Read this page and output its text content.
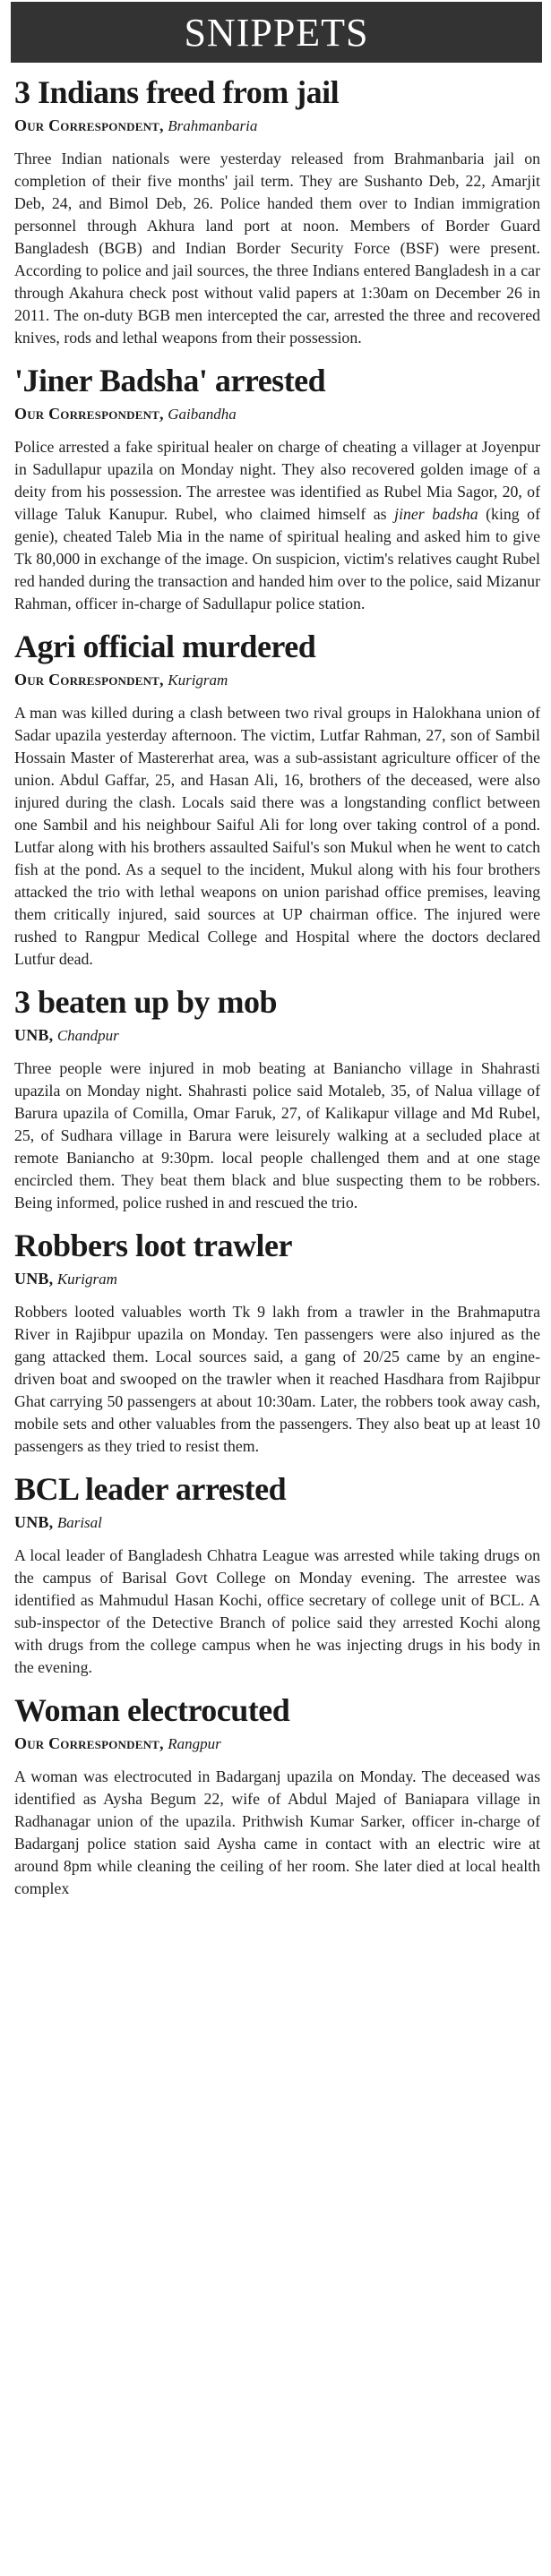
SNIPPETS
3 Indians freed from jail
Our Correspondent, Brahmanbaria

Three Indian nationals were yesterday released from Brahmanbaria jail on completion of their five months' jail term. They are Sushanto Deb, 22, Amarjit Deb, 24, and Bimol Deb, 26. Police handed them over to Indian immigration personnel through Akhura land port at noon. Members of Border Guard Bangladesh (BGB) and Indian Border Security Force (BSF) were present. According to police and jail sources, the three Indians entered Bangladesh in a car through Akahura check post without valid papers at 1:30am on December 26 in 2011. The on-duty BGB men intercepted the car, arrested the three and recovered knives, rods and lethal weapons from their possession.

'Jiner Badsha' arrested
Our Correspondent, Gaibandha

Police arrested a fake spiritual healer on charge of cheating a villager at Joyenpur in Sadullapur upazila on Monday night. They also recovered golden image of a deity from his possession. The arrestee was identified as Rubel Mia Sagor, 20, of village Taluk Kanupur. Rubel, who claimed himself as jiner badsha (king of genie), cheated Taleb Mia in the name of spiritual healing and asked him to give Tk 80,000 in exchange of the image. On suspicion, victim's relatives caught Rubel red handed during the transaction and handed him over to the police, said Mizanur Rahman, officer in-charge of Sadullapur police station.

Agri official murdered
Our Correspondent, Kurigram

A man was killed during a clash between two rival groups in Halokhana union of Sadar upazila yesterday afternoon. The victim, Lutfar Rahman, 27, son of Sambil Hossain Master of Mastererhat area, was a sub-assistant agriculture officer of the union. Abdul Gaffar, 25, and Hasan Ali, 16, brothers of the deceased, were also injured during the clash. Locals said there was a longstanding conflict between one Sambil and his neighbour Saiful Ali for long over taking control of a pond. Lutfar along with his brothers assaulted Saiful's son Mukul when he went to catch fish at the pond. As a sequel to the incident, Mukul along with his four brothers attacked the trio with lethal weapons on union parishad office premises, leaving them critically injured, said sources at UP chairman office. The injured were rushed to Rangpur Medical College and Hospital where the doctors declared Lutfur dead.

3 beaten up by mob
UNB, Chandpur

Three people were injured in mob beating at Baniancho village in Shahrasti upazila on Monday night. Shahrasti police said Motaleb, 35, of Nalua village of Barura upazila of Comilla, Omar Faruk, 27, of Kalikapur village and Md Rubel, 25, of Sudhara village in Barura were leisurely walking at a secluded place at remote Baniancho at 9:30pm. local people challenged them and at one stage encircled them. They beat them black and blue suspecting them to be robbers. Being informed, police rushed in and rescued the trio.

Robbers loot trawler
UNB, Kurigram

Robbers looted valuables worth Tk 9 lakh from a trawler in the Brahmaputra River in Rajibpur upazila on Monday. Ten passengers were also injured as the gang attacked them. Local sources said, a gang of 20/25 came by an engine-driven boat and swooped on the trawler when it reached Hasdhara from Rajibpur Ghat carrying 50 passengers at about 10:30am. Later, the robbers took away cash, mobile sets and other valuables from the passengers. They also beat up at least 10 passengers as they tried to resist them.

BCL leader arrested
UNB, Barisal

A local leader of Bangladesh Chhatra League was arrested while taking drugs on the campus of Barisal Govt College on Monday evening. The arrestee was identified as Mahmudul Hasan Kochi, office secretary of college unit of BCL. A sub-inspector of the Detective Branch of police said they arrested Kochi along with drugs from the college campus when he was injecting drugs in his body in the evening.

Woman electrocuted
Our Correspondent, Rangpur

A woman was electrocuted in Badarganj upazila on Monday. The deceased was identified as Aysha Begum 22, wife of Abdul Majed of Baniapara village in Radhanagar union of the upazila. Prithwish Kumar Sarker, officer in-charge of Badarganj police station said Aysha came in contact with an electric wire at around 8pm while cleaning the ceiling of her room. She later died at local health complex
